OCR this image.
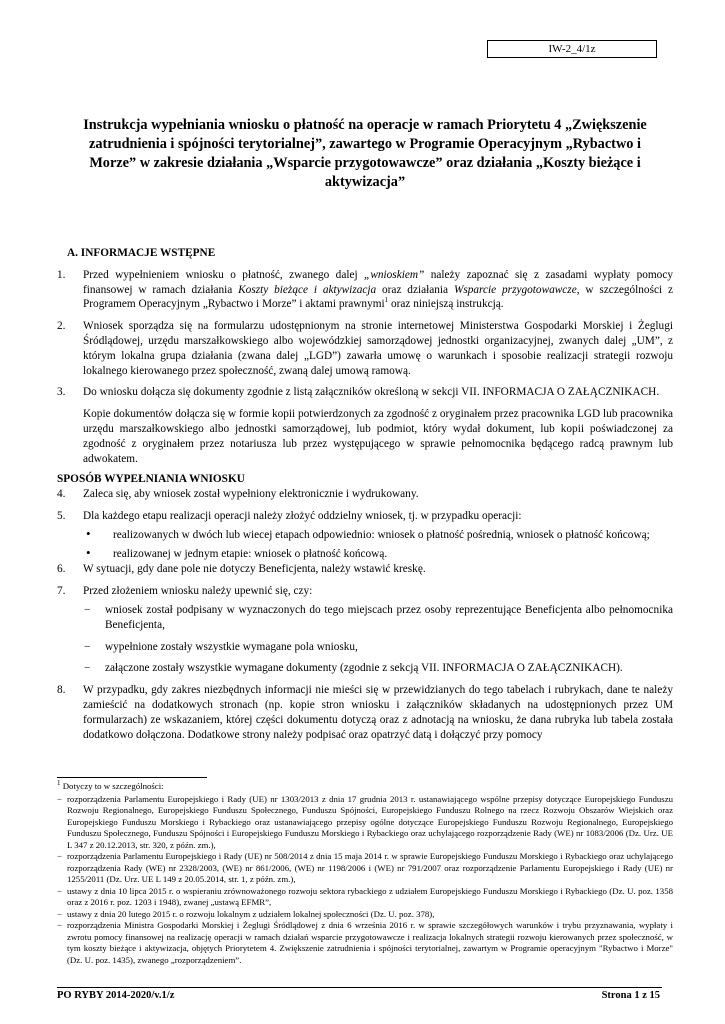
IW-2_4/1z
Instrukcja wypełniania wniosku o płatność na operacje w ramach Priorytetu 4 „Zwiększenie zatrudnienia i spójności terytorialnej”, zawartego w Programie Operacyjnym „Rybactwo i Morze” w zakresie działania „Wsparcie przygotowawcze” oraz działania „Koszty bieżące i aktywizacja”

A. INFORMACJE WSTĘPNE

1. Przed wypełnieniem wniosku o płatność, zwanego dalej „wnioskiem” należy zapoznać się z zasadami wypłaty pomocy finansowej w ramach działania Koszty bieżące i aktywizacja oraz działania Wsparcie przygotowawcze, w szczególności z Programem Operacyjnym „Rybactwo i Morze” i aktami prawnymi$^1$ oraz niniejszą instrukcją.
2. Wniosek sporządza się na formularzu udostępnionym na stronie internetowej Ministerstwa Gospodarki Morskiej i Żeglugi Śródlądowej, urzędu marszałkowskiego albo wojewódzkiej samorządowej jednostki organizacyjnej, zwanych dalej „UM”, z którym lokalna grupa działania (zwana dalej „LGD”) zawarła umowę o warunkach i sposobie realizacji strategii rozwoju lokalnego kierowanego przez społeczność, zwaną dalej umową ramową.
3. Do wniosku dołącza się dokumenty zgodnie z listą załączników określoną w sekcji VII. INFORMACJA O ZAŁĄCZNIKACH.

Kopie dokumentów dołącza się w formie kopii potwierdzonych za zgodność z oryginałem przez pracownika LGD lub pracownika urzędu marszałkowskiego albo jednostki samorządowej, lub podmiot, który wydał dokument, lub kopii poświadczonej za zgodność z oryginałem przez notariusza lub przez występującego w sprawie pełnomocnika będącego radcą prawnym lub adwokatem.

SPOSÓB WYPEŁNIANIA WNIOSKU

4. Zaleca się, aby wniosek został wypełniony elektronicznie i wydrukowany.
5. Dla każdego etapu realizacji operacji należy złożyć oddzielny wniosek, tj. w przypadku operacji:
• realizowanych w dwóch lub wiecej etapach odpowiednio: wniosek o płatność pośrednią, wniosek o płatność końcową;
• realizowanej w jednym etapie: wniosek o płatność końcową.
6. W sytuacji, gdy dane pole nie dotyczy Beneficjenta, należy wstawić kreskę.
7. Przed złożeniem wniosku należy upewnić się, czy:
− wniosek został podpisany w wyznaczonych do tego miejscach przez osoby reprezentujące Beneficjenta albo pełnomocnika Beneficjenta,
− wypełnione zostały wszystkie wymagane pola wniosku,
− załączone zostały wszystkie wymagane dokumenty (zgodnie z sekcją VII. INFORMACJA O ZAŁĄCZNIKACH).
8. W przypadku, gdy zakres niezbędnych informacji nie mieści się w przewidzianych do tego tabelach i rubrykach, dane te należy zamieścić na dodatkowych stronach (np. kopie stron wniosku i załączników składanych na udostępnionych przez UM formularzach) ze wskazaniem, której części dokumentu dotyczą oraz z adnotacją na wniosku, że dana rubryka lub tabela została dodatkowo dołączona. Dodatkowe strony należy podpisać oraz opatrzyć datą i dołączyć przy pomocy

$^1$ Dotyczy to w szczególności:

− rozporządzenia Parlamentu Europejskiego i Rady (UE) nr 1303/2013 z dnia 17 grudnia 2013 r. ustanawiającego wspólne przepisy dotyczące Europejskiego Funduszu Rozwoju Regionalnego, Europejskiego Funduszu Społecznego, Funduszu Spójności, Europejskiego Funduszu Rolnego na rzecz Rozwoju Obszarów Wiejskich oraz Europejskiego Funduszu Morskiego i Rybackiego oraz ustanawiającego przepisy ogólne dotyczące Europejskiego Funduszu Rozwoju Regionalnego, Europejskiego Funduszu Społecznego, Funduszu Spójności i Europejskiego Funduszu Morskiego i Rybackiego oraz uchylającego rozporządzenie Rady (WE) nr 1083/2006 (Dz. Urz. UE L 347 z 20.12.2013, str. 320, z późn. zm.),

− rozporządzenia Parlamentu Europejskiego i Rady (UE) nr 508/2014 z dnia 15 maja 2014 r. w sprawie Europejskiego Funduszu Morskiego i Rybackiego oraz uchylającego rozporządzenia Rady (WE) nr 2328/2003, (WE) nr 861/2006, (WE) nr 1198/2006 i (WE) nr 791/2007 oraz rozporządzenie Parlamentu Europejskiego i Rady (UE) nr 1255/2011 (Dz. Urz. UE L 149 z 20.05.2014, str. 1, z późn. zm.),

− ustawy z dnia 10 lipca 2015 r. o wspieraniu zrównoważonego rozwoju sektora rybackiego z udziałem Europejskiego Funduszu Morskiego i Rybackiego (Dz. U. poz. 1358 oraz z 2016 r. poz. 1203 i 1948), zwanej „ustawą EFMR”,

− ustawy z dnia 20 lutego 2015 r. o rozwoju lokalnym z udziałem lokalnej społeczności (Dz. U. poz. 378),

− rozporządzenia Ministra Gospodarki Morskiej i Żeglugi Śródlądowej z dnia 6 września 2016 r. w sprawie szczegółowych warunków i trybu przyznawania, wypłaty i zwrotu pomocy finansowej na realizację operacji w ramach działań wsparcie przygotowawcze i realizacja lokalnych strategii rozwoju kierowanych przez społeczność, w tym koszty bieżące i aktywizacja, objętych Priorytetem 4. Zwiększenie zatrudnienia i spójności terytorialnej, zawartym w Programie operacyjnym "Rybactwo i Morze" (Dz. U. poz. 1435), zwanego „rozporządzeniem”.

PO RYBY 2014-2020/v.1/z	Strona 1 z 15
